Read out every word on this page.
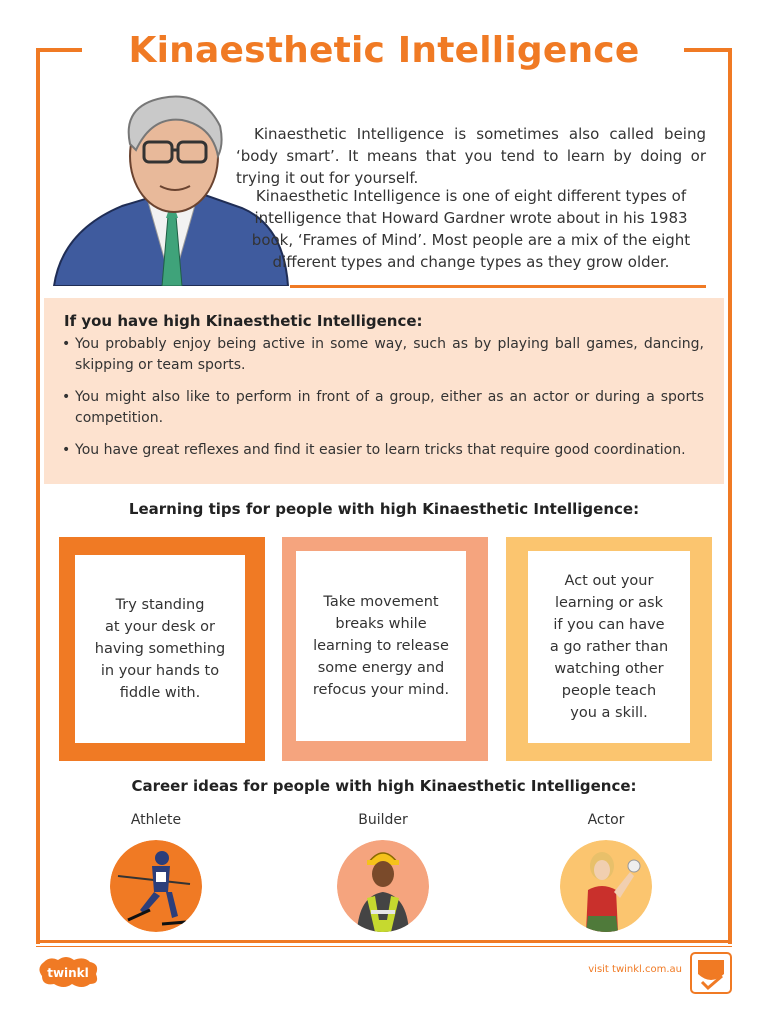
Kinaesthetic Intelligence

Kinaesthetic Intelligence is sometimes also called being ‘body smart’. It means that you tend to learn by doing or trying it out for yourself.

Kinaesthetic Intelligence is one of eight different types of intelligence that Howard Gardner wrote about in his 1983 book, ‘Frames of Mind’. Most people are a mix of the eight different types and change types as they grow older.

If you have high Kinaesthetic Intelligence:
• You probably enjoy being active in some way, such as by playing ball games, dancing, skipping or team sports.
• You might also like to perform in front of a group, either as an actor or during a sports competition.
• You have great reflexes and find it easier to learn tricks that require good coordination.
Learning tips for people with high Kinaesthetic Intelligence:
Try standing
at your desk or
having something
in your hands to
fiddle with.
Take movement
breaks while
learning to release
some energy and
refocus your mind.
Act out your
learning or ask
if you can have
a go rather than
watching other
people teach
you a skill.
Career ideas for people with high Kinaesthetic Intelligence:
Athlete	Builder	Actor
twinkl	visit twinkl.com.au
